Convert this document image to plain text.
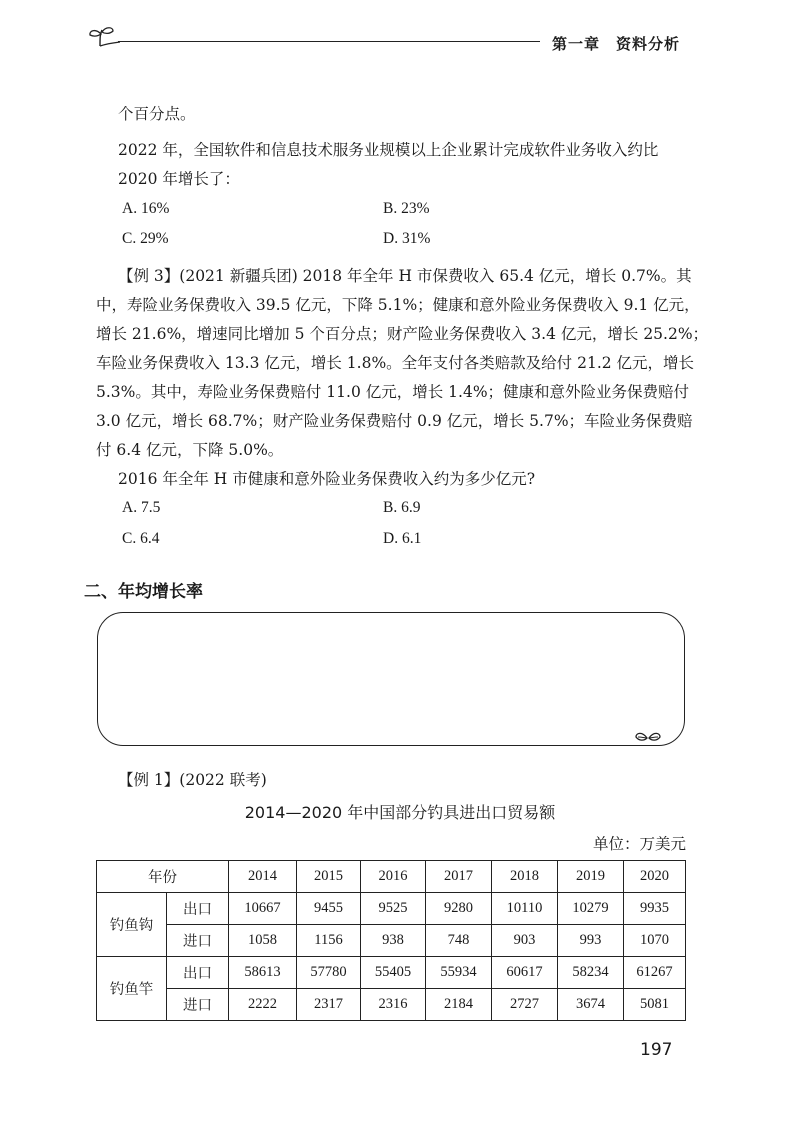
第一章 资料分析
个百分点。
2022 年，全国软件和信息技术服务业规模以上企业累计完成软件业务收入约比
2020 年增长了：
A. 16%	B. 23%
C. 29%	D. 31%
【例 3】(2021 新疆兵团) 2018 年全年 H 市保费收入 65.4 亿元，增长 0.7%。其
中，寿险业务保费收入 39.5 亿元，下降 5.1%；健康和意外险业务保费收入 9.1 亿元，
增长 21.6%，增速同比增加 5 个百分点；财产险业务保费收入 3.4 亿元，增长 25.2%；
车险业务保费收入 13.3 亿元，增长 1.8%。全年支付各类赔款及给付 21.2 亿元，增长
5.3%。其中，寿险业务保费赔付 11.0 亿元，增长 1.4%；健康和意外险业务保费赔付
3.0 亿元，增长 68.7%；财产险业务保费赔付 0.9 亿元，增长 5.7%；车险业务保费赔
付 6.4 亿元，下降 5.0%。
2016 年全年 H 市健康和意外险业务保费收入约为多少亿元?
A. 7.5	B. 6.9
C. 6.4	D. 6.1
二、年均增长率
【例 1】(2022 联考)
2014—2020 年中国部分钓具进出口贸易额
单位：万美元
年份		2014	2015	2016	2017	2018	2019	2020
钓鱼钩	出口	10667	9455	9525	9280	10110	10279	9935
	进口	1058	1156	938	748	903	993	1070
钓鱼竿	出口	58613	57780	55405	55934	60617	58234	61267
	进口	2222	2317	2316	2184	2727	3674	5081
197
